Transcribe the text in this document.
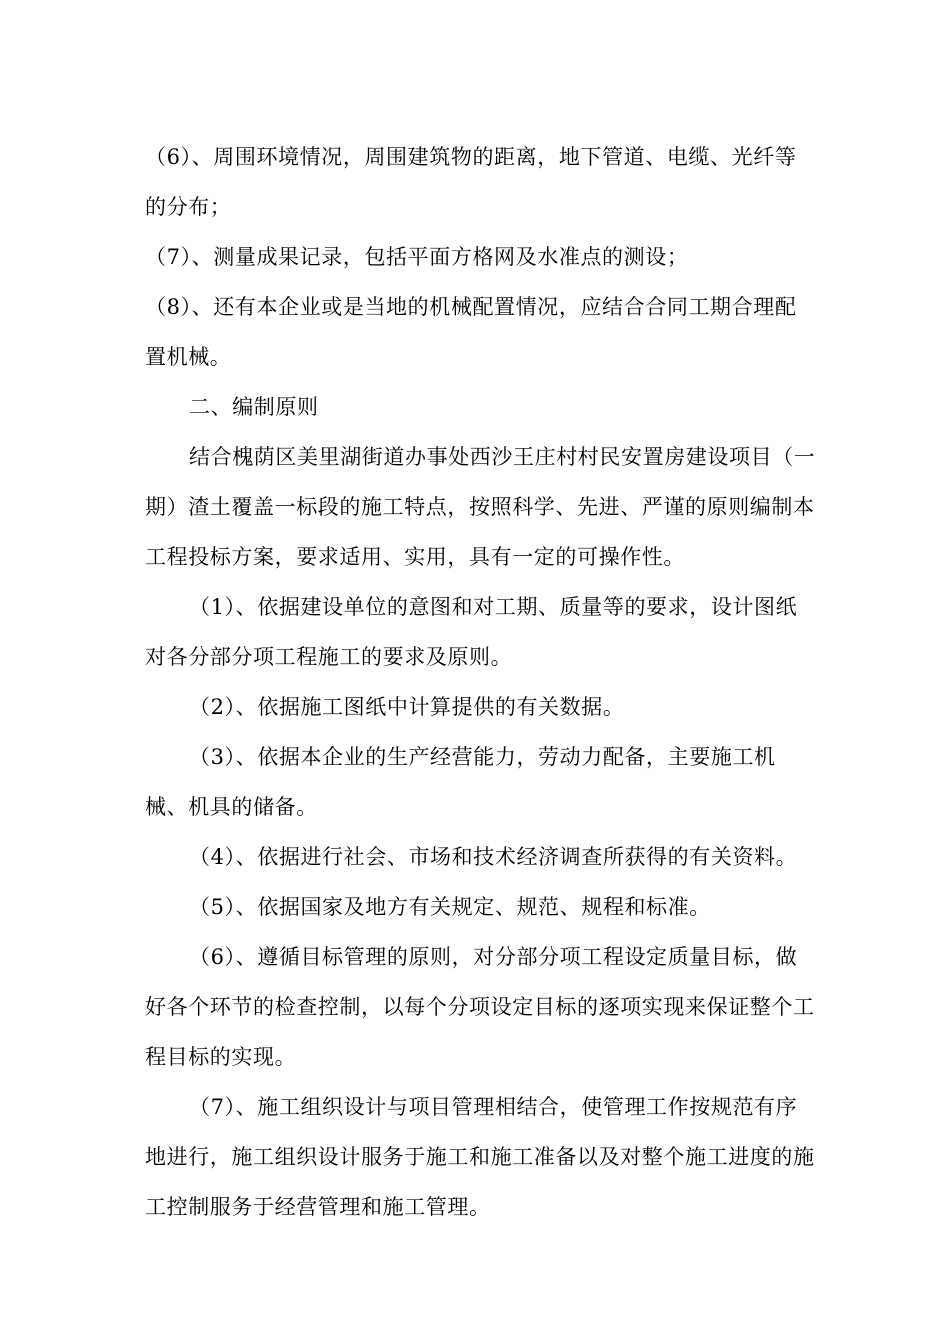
（6）、周围环境情况，周围建筑物的距离，地下管道、电缆、光纤等的分布；

（7）、测量成果记录，包括平面方格网及水准点的测设；

（8）、还有本企业或是当地的机械配置情况，应结合合同工期合理配置机械。

二、编制原则

结合槐荫区美里湖街道办事处西沙王庄村村民安置房建设项目（一期）渣土覆盖一标段的施工特点，按照科学、先进、严谨的原则编制本工程投标方案，要求适用、实用，具有一定的可操作性。

（1）、依据建设单位的意图和对工期、质量等的要求，设计图纸对各分部分项工程施工的要求及原则。

（2）、依据施工图纸中计算提供的有关数据。

（3）、依据本企业的生产经营能力，劳动力配备，主要施工机械、机具的储备。

（4）、依据进行社会、市场和技术经济调查所获得的有关资料。

（5）、依据国家及地方有关规定、规范、规程和标准。

（6）、遵循目标管理的原则，对分部分项工程设定质量目标，做好各个环节的检查控制，以每个分项设定目标的逐项实现来保证整个工程目标的实现。

（7）、施工组织设计与项目管理相结合，使管理工作按规范有序地进行，施工组织设计服务于施工和施工准备以及对整个施工进度的施工控制服务于经营管理和施工管理。
